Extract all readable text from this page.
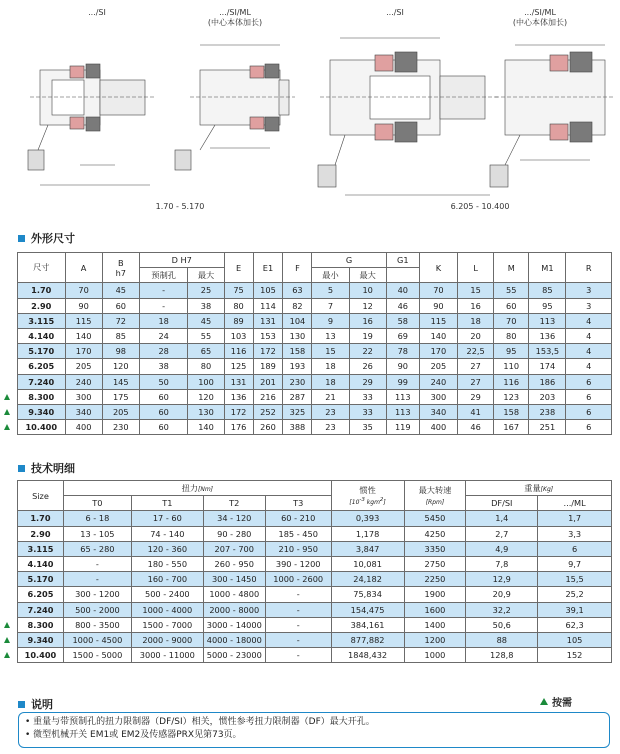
.../SI	.../SI/ML
(中心本体加长)
.../SI	.../SI/ML
(中心本体加长)
1.70 - 5.170	6.205 - 10.400
外形尺寸
尺寸	A	B
h7	D H7		E	E1	F	G		G1	K	L	M	M1	R
			预制孔	最大				最小	最大						
1.70	70	45	-	25	75	105	63	5	10	40	70	15	55	85	3
2.90	90	60	-	38	80	114	82	7	12	46	90	16	60	95	3
3.115	115	72	18	45	89	131	104	9	16	58	115	18	70	113	4
4.140	140	85	24	55	103	153	130	13	19	69	140	20	80	136	4
5.170	170	98	28	65	116	172	158	15	22	78	170	22,5	95	153,5	4
6.205	205	120	38	80	125	189	193	18	26	90	205	27	110	174	4
7.240	240	145	50	100	131	201	230	18	29	99	240	27	116	186	6
8.300	300	175	60	120	136	216	287	21	33	113	300	29	123	203	6
9.340	340	205	60	130	172	252	325	23	33	113	340	41	158	238	6
10.400	400	230	60	140	176	260	388	23	35	119	400	46	167	251	6
技术明细
Size	扭力[Nm]				惯性
[10-3 kgm2]	最大转速
[Rpm]	重量[Kg]	
	T0	T1	T2	T3			DF/SI	.../ML
1.70	6 - 18	17 - 60	34 - 120	60 - 210	0,393	5450	1,4	1,7
2.90	13 - 105	74 - 140	90 - 280	185 - 450	1,178	4250	2,7	3,3
3.115	65 - 280	120 - 360	207 - 700	210 - 950	3,847	3350	4,9	6
4.140	-	180 - 550	260 - 950	390 - 1200	10,081	2750	7,8	9,7
5.170	-	160 - 700	300 - 1450	1000 - 2600	24,182	2250	12,9	15,5
6.205	300 - 1200	500 - 2400	1000 - 4800	-	75,834	1900	20,9	25,2
7.240	500 - 2000	1000 - 4000	2000 - 8000	-	154,475	1600	32,2	39,1
8.300	800 - 3500	1500 - 7000	3000 - 14000	-	384,161	1400	50,6	62,3
9.340	1000 - 4500	2000 - 9000	4000 - 18000	-	877,882	1200	88	105
10.400	1500 - 5000	3000 - 11000	5000 - 23000	-	1848,432	1000	128,8	152
说明	按需
• 重量与带预制孔的扭力限制器（DF/SI）相关，惯性参考扭力限制器（DF）最大开孔。
• 微型机械开关 EM1或 EM2及传感器PRX见第73页。
